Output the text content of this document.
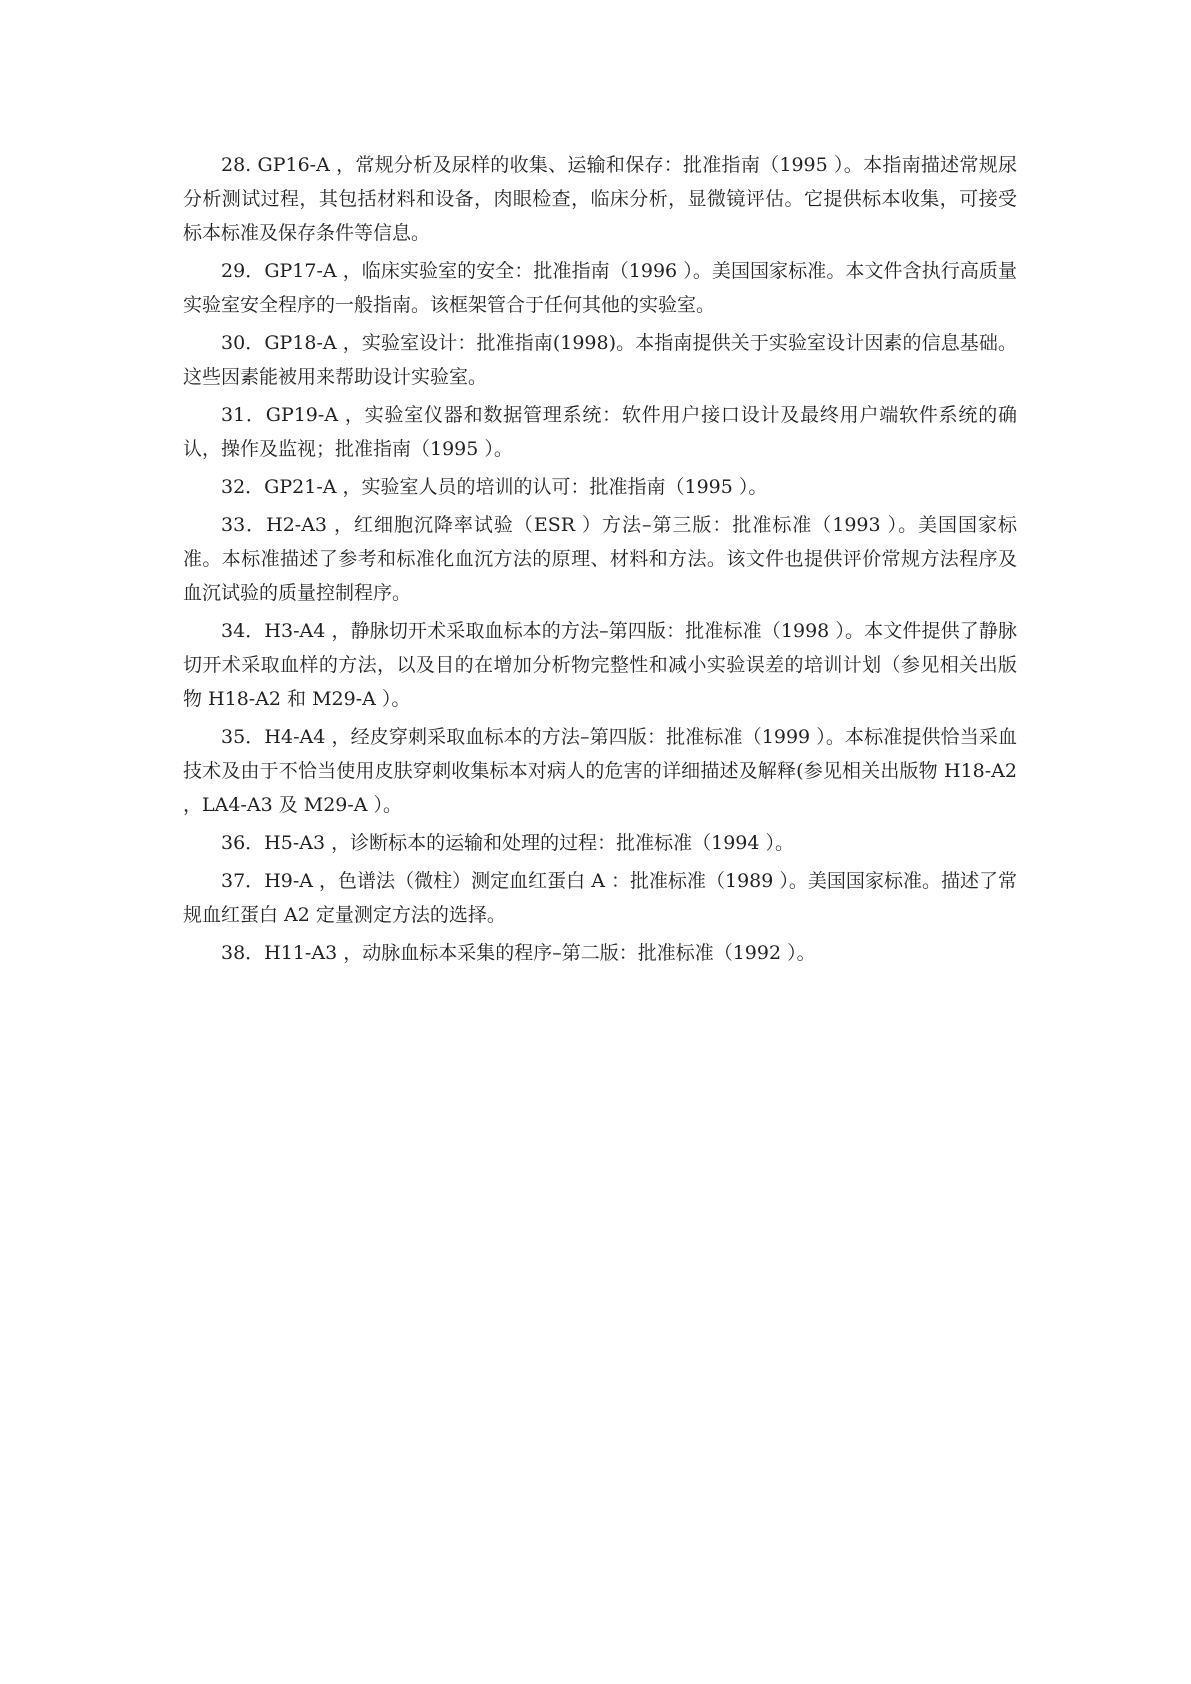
28. GP16-A ，常规分析及尿样的收集、运输和保存：批准指南（1995 ）。本指南描述常规尿分析测试过程，其包括材料和设备，肉眼检查，临床分析，显微镜评估。它提供标本收集，可接受标本标准及保存条件等信息。

29．GP17-A ，临床实验室的安全：批准指南（1996 ）。美国国家标准。本文件含执行高质量实验室安全程序的一般指南。该框架管合于任何其他的实验室。

30．GP18-A ，实验室设计：批准指南(1998)。本指南提供关于实验室设计因素的信息基础。这些因素能被用来帮助设计实验室。

31．GP19-A ，实验室仪器和数据管理系统：软件用户接口设计及最终用户端软件系统的确认，操作及监视；批准指南（1995 ）。

32．GP21-A ，实验室人员的培训的认可：批准指南（1995 ）。

33．H2-A3 ，红细胞沉降率试验（ESR ）方法–第三版：批准标准（1993 ）。美国国家标准。本标准描述了参考和标准化血沉方法的原理、材料和方法。该文件也提供评价常规方法程序及血沉试验的质量控制程序。

34．H3-A4 ，静脉切开术采取血标本的方法–第四版：批准标准（1998 ）。本文件提供了静脉切开术采取血样的方法，以及目的在增加分析物完整性和减小实验误差的培训计划（参见相关出版物 H18-A2 和 M29-A ）。

35．H4-A4 ，经皮穿刺采取血标本的方法–第四版：批准标准（1999 ）。本标准提供恰当采血技术及由于不恰当使用皮肤穿刺收集标本对病人的危害的详细描述及解释(参见相关出版物 H18-A2 ，LA4-A3 及 M29-A ）。

36．H5-A3 ，诊断标本的运输和处理的过程：批准标准（1994 ）。

37．H9-A ，色谱法（微柱）测定血红蛋白 A ：批准标准（1989 ）。美国国家标准。描述了常规血红蛋白 A2 定量测定方法的选择。

38．H11-A3 ，动脉血标本采集的程序–第二版：批准标准（1992 ）。
